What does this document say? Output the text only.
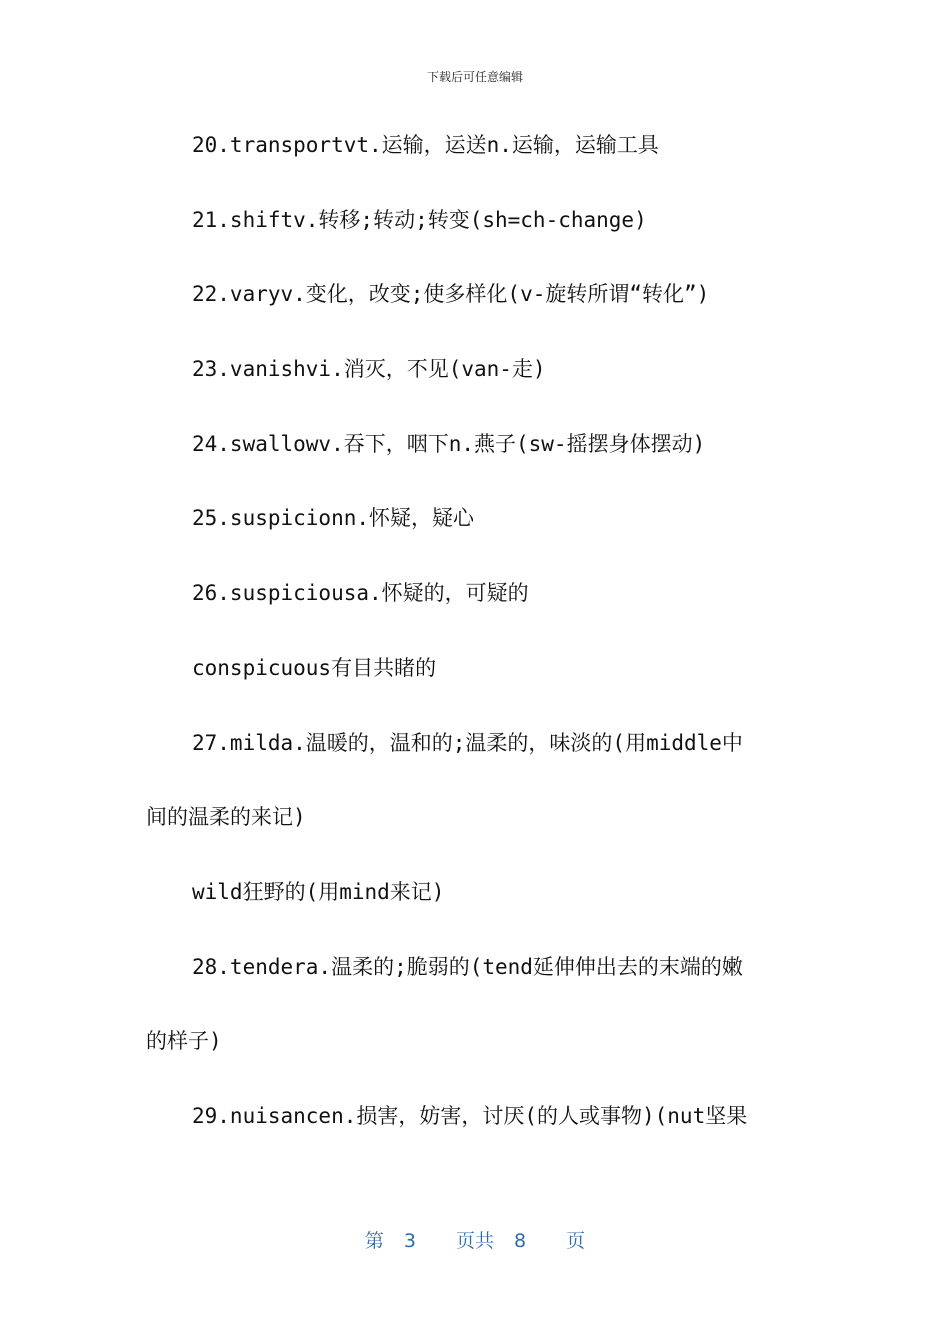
下载后可任意编辑
20.transportvt.运输，运送n.运输，运输工具
21.shiftv.转移;转动;转变(sh=ch-change)
22.varyv.变化，改变;使多样化(v-旋转所谓“转化”)
23.vanishvi.消灭，不见(van-走)
24.swallowv.吞下，咽下n.燕子(sw-摇摆身体摆动)
25.suspicionn.怀疑，疑心
26.suspiciousa.怀疑的，可疑的
conspicuous有目共睹的
27.milda.温暖的，温和的;温柔的，味淡的(用middle中
间的温柔的来记)
wild狂野的(用mind来记)
28.tendera.温柔的;脆弱的(tend延伸伸出去的末端的嫩
的样子)
29.nuisancen.损害，妨害，讨厌(的人或事物)(nut坚果
第 3 页共 8 页
